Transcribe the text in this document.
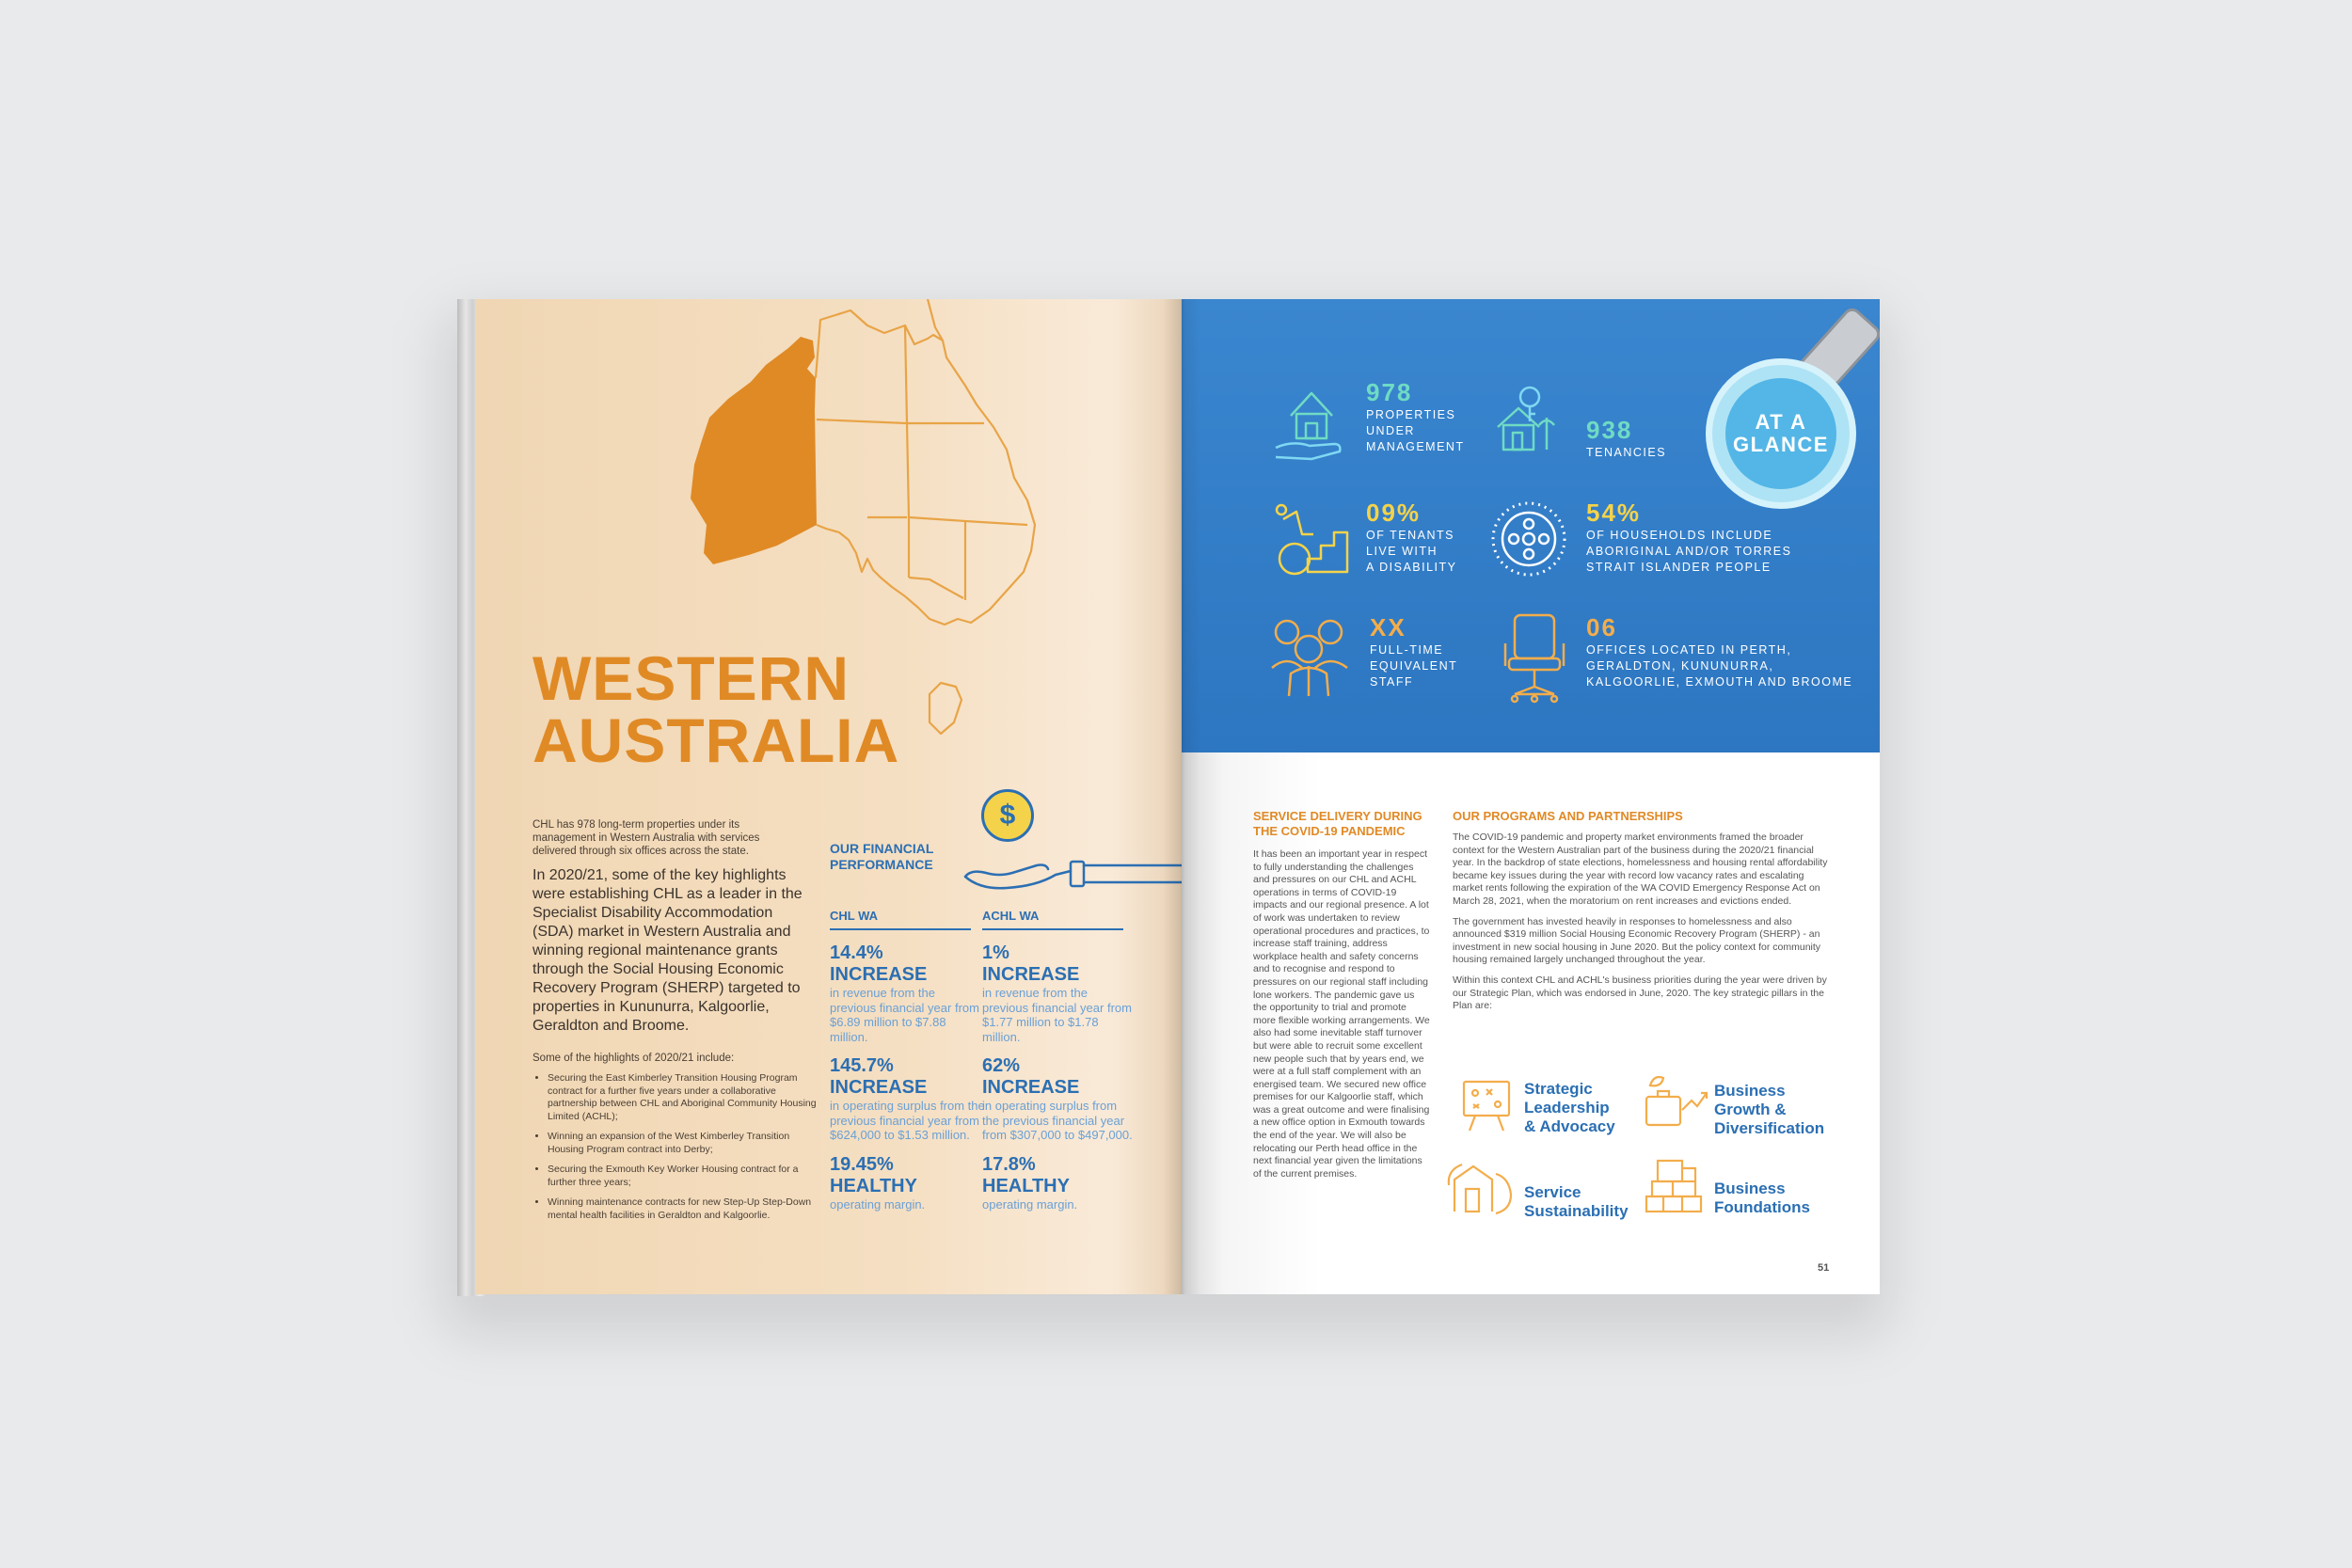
WESTERN
AUSTRALIA
CHL has 978 long-term properties under its management in Western Australia with services delivered through six offices across the state.
In 2020/21, some of the key highlights were establishing CHL as a leader in the Specialist Disability Accommodation (SDA) market in Western Australia and winning regional maintenance grants through the Social Housing Economic Recovery Program (SHERP) targeted to properties in Kununurra, Kalgoorlie, Geraldton and Broome.
Some of the highlights of 2020/21 include:
• Securing the East Kimberley Transition Housing Program contract for a further five years under a collaborative partnership between CHL and Aboriginal Community Housing Limited (ACHL);
• Winning an expansion of the West Kimberley Transition Housing Program contract into Derby;
• Securing the Exmouth Key Worker Housing contract for a further three years;
• Winning maintenance contracts for new Step-Up Step-Down mental health facilities in Geraldton and Kalgoorlie.
OUR FINANCIAL
PERFORMANCE
$
CHL WA
14.4%
INCREASE
in revenue from the previous financial year from $6.89 million to $7.88 million.
145.7%
INCREASE
in operating surplus from the previous financial year from $624,000 to $1.53 million.
19.45%
HEALTHY
operating margin.
ACHL WA
1%
INCREASE
in revenue from the previous financial year from $1.77 million to $1.78 million.
62%
INCREASE
in operating surplus from the previous financial year from $307,000 to $497,000.
17.8%
HEALTHY
operating margin.
AT A
GLANCE
978
PROPERTIES
UNDER
MANAGEMENT
938
TENANCIES
09%
OF TENANTS
LIVE WITH
A DISABILITY
54%
OF HOUSEHOLDS INCLUDE
ABORIGINAL AND/OR TORRES
STRAIT ISLANDER PEOPLE
XX
FULL-TIME
EQUIVALENT
STAFF
06
OFFICES LOCATED IN PERTH,
GERALDTON, KUNUNURRA,
KALGOORLIE, EXMOUTH AND BROOME
SERVICE DELIVERY DURING
THE COVID-19 PANDEMIC
It has been an important year in respect to fully understanding the challenges and pressures on our CHL and ACHL operations in terms of COVID-19 impacts and our regional presence. A lot of work was undertaken to review operational procedures and practices, to increase staff training, address workplace health and safety concerns and to recognise and respond to pressures on our regional staff including lone workers. The pandemic gave us the opportunity to trial and promote more flexible working arrangements. We also had some inevitable staff turnover but were able to recruit some excellent new people such that by years end, we were at a full staff complement with an energised team. We secured new office premises for our Kalgoorlie staff, which was a great outcome and were finalising a new office option in Exmouth towards the end of the year. We will also be relocating our Perth head office in the next financial year given the limitations of the current premises.
OUR PROGRAMS AND PARTNERSHIPS
The COVID-19 pandemic and property market environments framed the broader context for the Western Australian part of the business during the 2020/21 financial year. In the backdrop of state elections, homelessness and housing rental affordability became key issues during the year with record low vacancy rates and escalating market rents following the expiration of the WA COVID Emergency Response Act on March 28, 2021, when the moratorium on rent increases and evictions ended.
The government has invested heavily in responses to homelessness and also announced $319 million Social Housing Economic Recovery Program (SHERP) - an investment in new social housing in June 2020. But the policy context for community housing remained largely unchanged throughout the year.
Within this context CHL and ACHL's business priorities during the year were driven by our Strategic Plan, which was endorsed in June, 2020. The key strategic pillars in the Plan are:
Strategic
Leadership
& Advocacy
Business
Growth &
Diversification
Service
Sustainability
Business
Foundations
51
